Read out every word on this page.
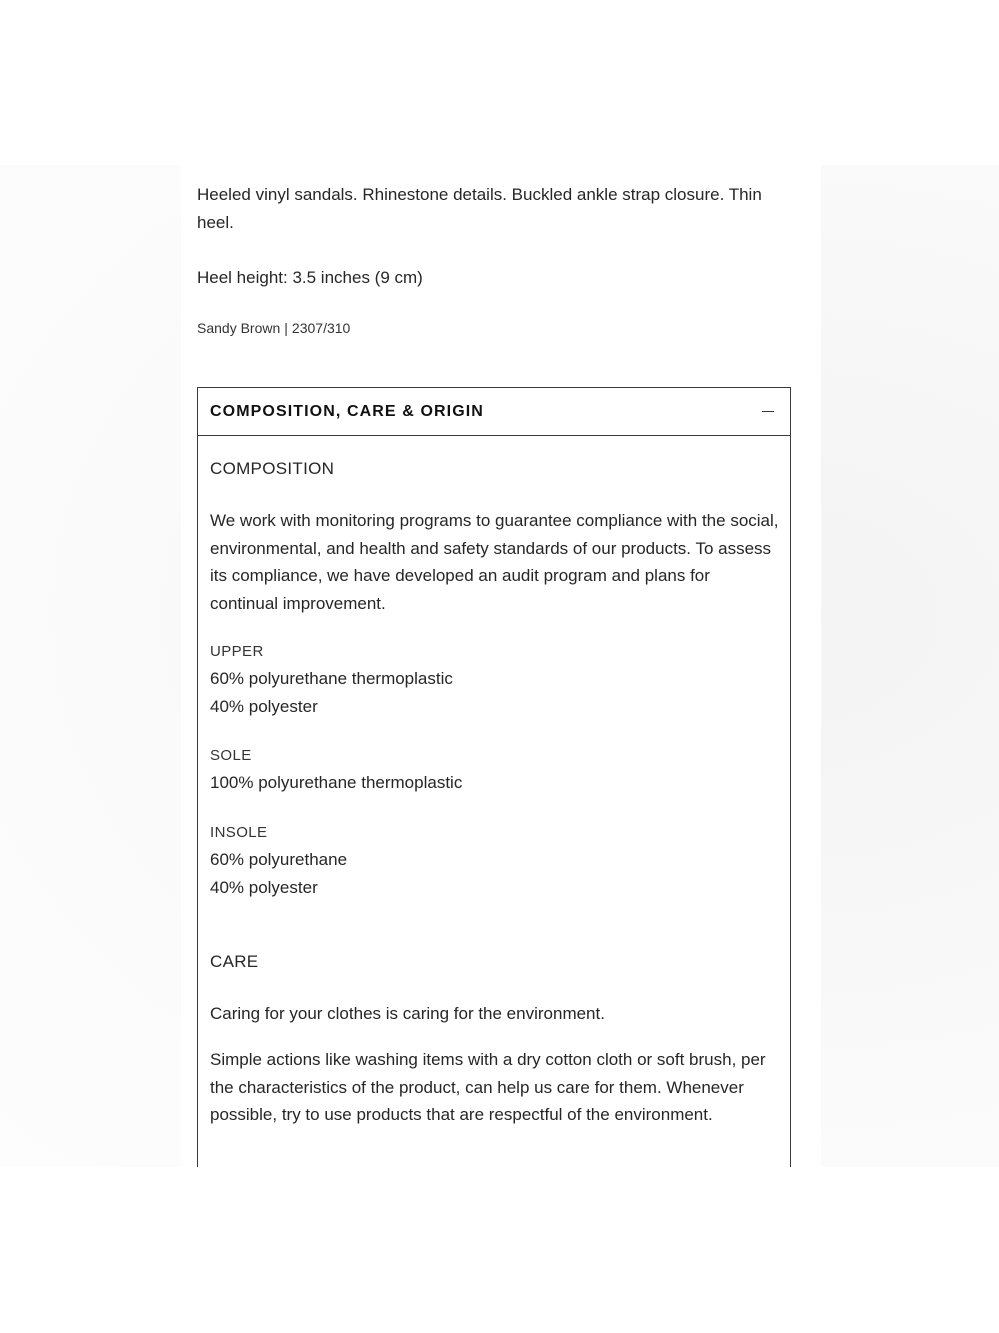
Heeled vinyl sandals. Rhinestone details. Buckled ankle strap closure. Thin heel.

Heel height: 3.5 inches (9 cm)

Sandy Brown | 2307/310

COMPOSITION, CARE & ORIGIN

COMPOSITION

We work with monitoring programs to guarantee compliance with the social, environmental, and health and safety standards of our products. To assess its compliance, we have developed an audit program and plans for continual improvement.

UPPER

60% polyurethane thermoplastic

40% polyester

SOLE

100% polyurethane thermoplastic

INSOLE

60% polyurethane

40% polyester

CARE

Caring for your clothes is caring for the environment.

Simple actions like washing items with a dry cotton cloth or soft brush, per the characteristics of the product, can help us care for them. Whenever possible, try to use products that are respectful of the environment.
